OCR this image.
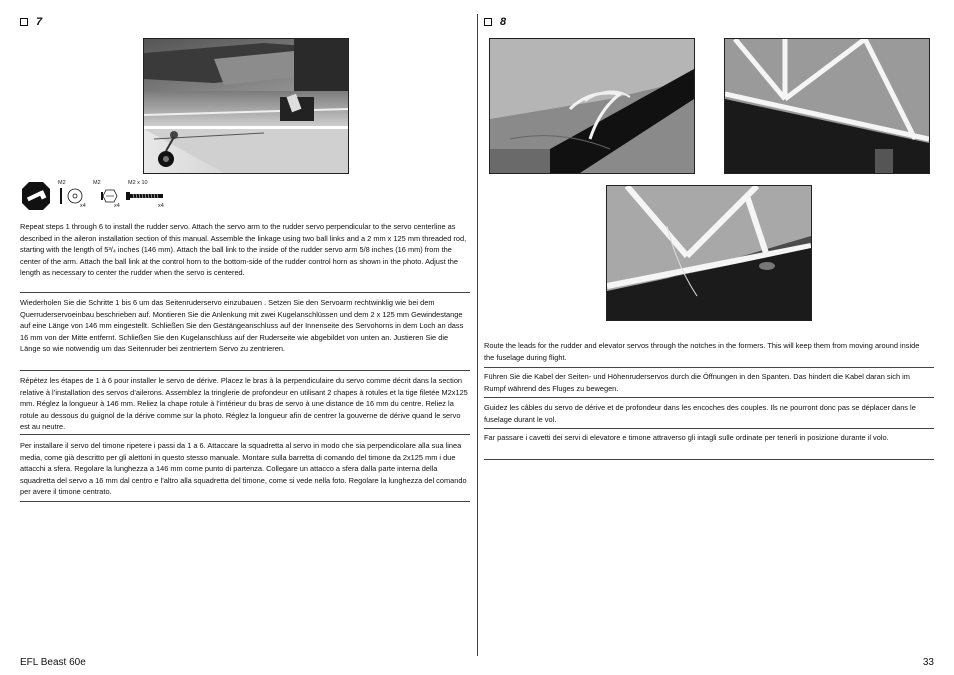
7
M2
x4
M2
x4
M2 x 10
x4
Repeat steps 1 through 6 to install the rudder servo. Attach the servo arm to the rudder servo perpendicular to the servo centerline as described in the aileron installation section of this manual. Assemble the linkage using two ball links and a 2 mm x 125 mm threaded rod, starting with the length of 5³/₄ inches (146 mm). Attach the ball link to the inside of the rudder servo arm 5/8 inches (16 mm) from the center of the arm. Attach the ball link at the control horn to the bottom-side of the rudder control horn as shown in the photo. Adjust the length as necessary to center the rudder when the servo is centered.
Wiederholen Sie die Schritte 1 bis 6 um das Seitenruderservo einzubauen . Setzen Sie den Servoarm rechtwinklig wie bei dem Querruderservoeinbau beschrieben auf. Montieren Sie die Anlenkung mit zwei Kugelanschlüssen und dem 2 x 125 mm Gewindestange auf eine Länge von 146 mm eingestellt. Schließen Sie den Gestängeanschluss auf der Innenseite des Servohorns in dem Loch an dass 16 mm von der Mitte entfernt. Schließen Sie den Kugelanschluss auf der Ruderseite wie abgebildet von unten an. Justieren Sie die Länge so wie notwendig um das Seitenruder bei zentriertem Servo zu zentrieren.
Répétez les étapes de 1 à 6 pour installer le servo de dérive. Placez le bras à la perpendiculaire du servo comme décrit dans la section relative à l’installation des servos d’ailerons. Assemblez la tringlerie de profondeur en utilisant 2 chapes à rotules et la tige filetée M2x125 mm. Réglez la longueur à 146 mm. Reliez la chape rotule à l’intérieur du bras de servo à une distance de 16 mm du centre. Reliez la rotule au dessous du guignol de la dérive comme sur la photo. Réglez la longueur afin de centrer la gouverne de dérive quand le servo est au neutre.
Per installare il servo del timone ripetere i passi da 1 a 6. Attaccare la squadretta al servo in modo che sia perpendicolare alla sua linea media, come già descritto per gli alettoni in questo stesso manuale. Montare sulla barretta di comando del timone da 2x125 mm i due attacchi a sfera. Regolare la lunghezza a 146 mm come punto di partenza. Collegare un attacco a sfera dalla parte interna della squadretta del servo a 16 mm dal centro e l’altro alla squadretta del timone, come si vede nella foto. Regolare la lunghezza del comando per avere il timone centrato.
8
Route the leads for the rudder and elevator servos through the notches in the formers. This will keep them from moving around inside the fuselage during flight.
Führen Sie die Kabel der Seiten- und Höhenruderservos durch die Öffnungen in den Spanten. Das hindert die Kabel daran sich im Rumpf während des Fluges zu bewegen.
Guidez les câbles du servo de dérive et de profondeur dans les encoches des couples. Ils ne pourront donc pas se déplacer dans le fuselage durant le vol.
Far passare i cavetti dei servi di elevatore e timone attraverso gli intagli sulle ordinate per tenerli in posizione durante il volo.
EFL Beast 60e	33
